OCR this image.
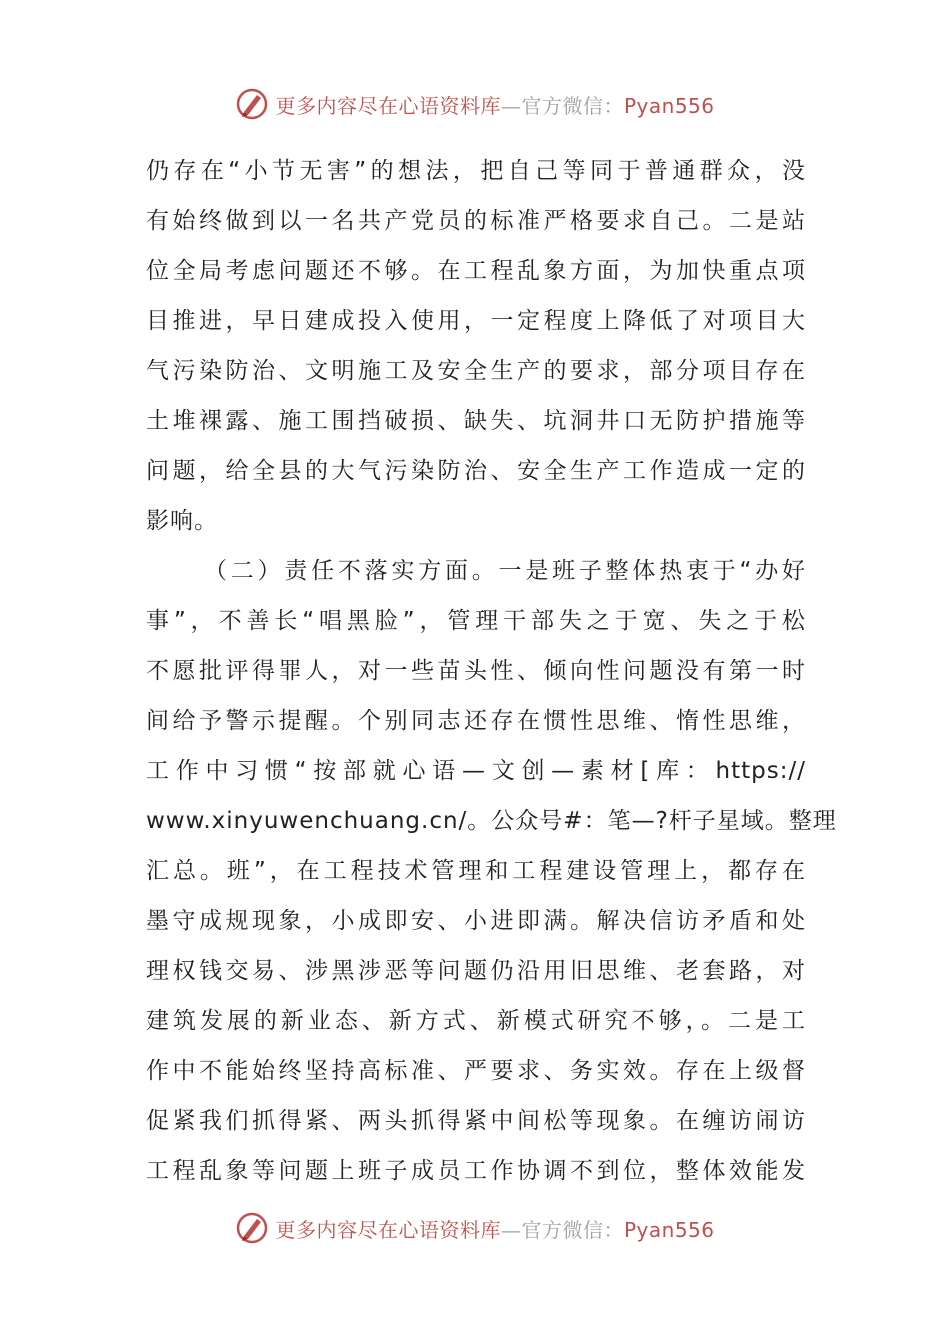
更多内容尽在心语资料库—官方微信：Pyan556
仍存在“小节无害”的想法，把自己等同于普通群众，没
有始终做到以一名共产党员的标准严格要求自己。二是站
位全局考虑问题还不够。在工程乱象方面，为加快重点项
目推进，早日建成投入使用，一定程度上降低了对项目大
气污染防治、文明施工及安全生产的要求，部分项目存在
土堆裸露、施工围挡破损、缺失、坑洞井口无防护措施等
问题，给全县的大气污染防治、安全生产工作造成一定的
影响。
（二）责任不落实方面。一是班子整体热衷于“办好
事”，不善长“唱黑脸”，管理干部失之于宽、失之于松
不愿批评得罪人，对一些苗头性、倾向性问题没有第一时
间给予警示提醒。个别同志还存在惯性思维、惰性思维，
工作中习惯“按部就心语—文创—素材[库：https://
www.xinyuwenchuang.cn/。公众号#：笔—?杆子星域。整理
汇总。班”，在工程技术管理和工程建设管理上，都存在
墨守成规现象，小成即安、小进即满。解决信访矛盾和处
理权钱交易、涉黑涉恶等问题仍沿用旧思维、老套路，对
建筑发展的新业态、新方式、新模式研究不够，。二是工
作中不能始终坚持高标准、严要求、务实效。存在上级督
促紧我们抓得紧、两头抓得紧中间松等现象。在缠访闹访
工程乱象等问题上班子成员工作协调不到位，整体效能发
更多内容尽在心语资料库—官方微信：Pyan556
